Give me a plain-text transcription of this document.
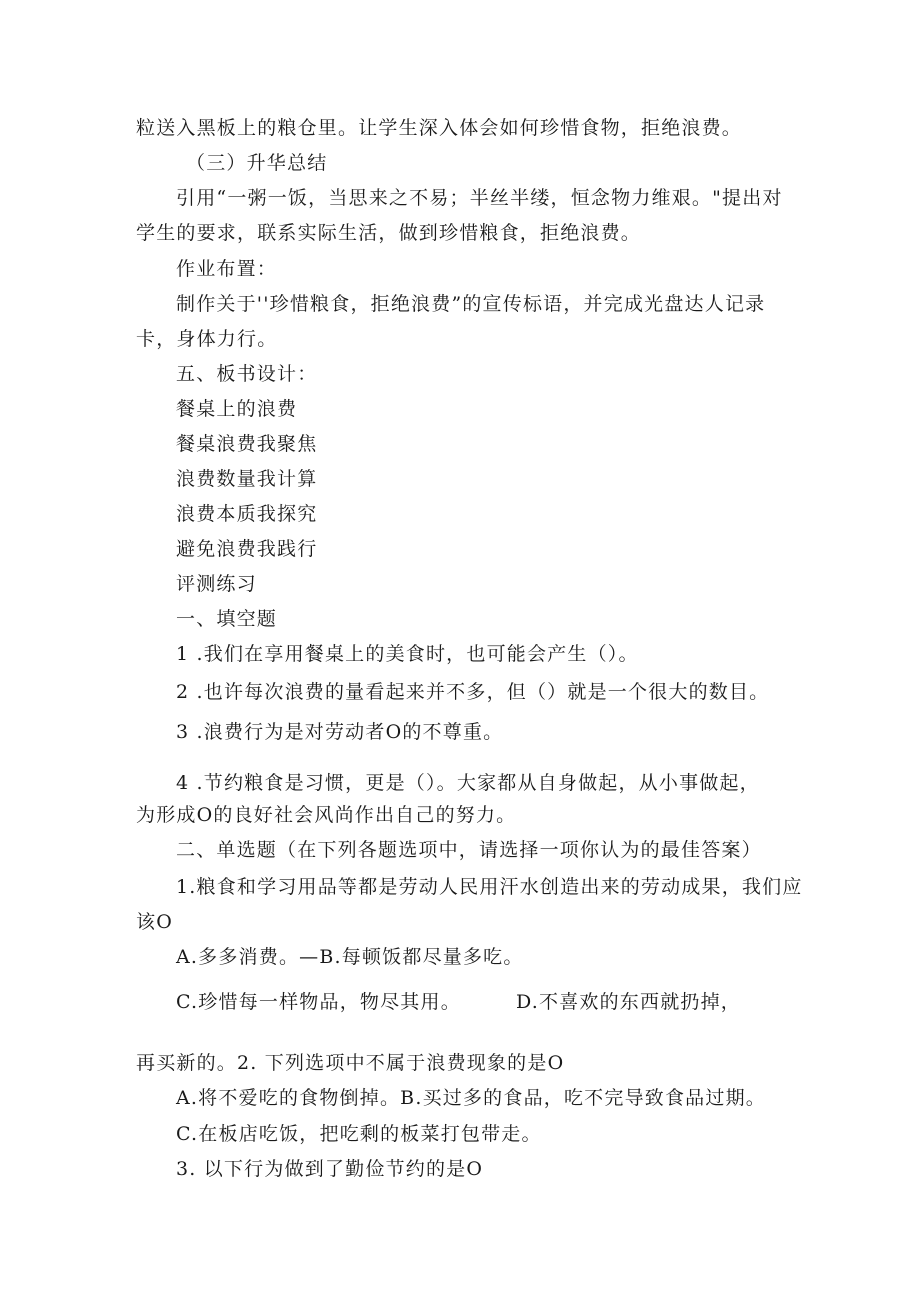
粒送入黑板上的粮仓里。让学生深入体会如何珍惜食物，拒绝浪费。
（三）升华总结
引用“一粥一饭，当思来之不易；半丝半缕，恒念物力维艰。"提出对
学生的要求，联系实际生活，做到珍惜粮食，拒绝浪费。
作业布置：
制作关于''珍惜粮食，拒绝浪费”的宣传标语，并完成光盘达人记录
卡，身体力行。
五、板书设计：
餐桌上的浪费
餐桌浪费我聚焦
浪费数量我计算
浪费本质我探究
避免浪费我践行
评测练习
一、填空题
1 .我们在享用餐桌上的美食时，也可能会产生（）。
2 .也许每次浪费的量看起来并不多，但（）就是一个很大的数目。
3 .浪费行为是对劳动者O的不尊重。
4 .节约粮食是习惯，更是（）。大家都从自身做起，从小事做起，
为形成O的良好社会风尚作出自己的努力。
二、单选题（在下列各题选项中，请选择一项你认为的最佳答案）
1.粮食和学习用品等都是劳动人民用汗水创造出来的劳动成果，我们应
该O
A.多多消费。—B.每顿饭都尽量多吃。
C.珍惜每一样物品，物尽其用。	D.不喜欢的东西就扔掉，
再买新的。2. 下列选项中不属于浪费现象的是O
A.将不爱吃的食物倒掉。B.买过多的食品，吃不完导致食品过期。
C.在板店吃饭，把吃剩的板菜打包带走。
3. 以下行为做到了勤俭节约的是O
